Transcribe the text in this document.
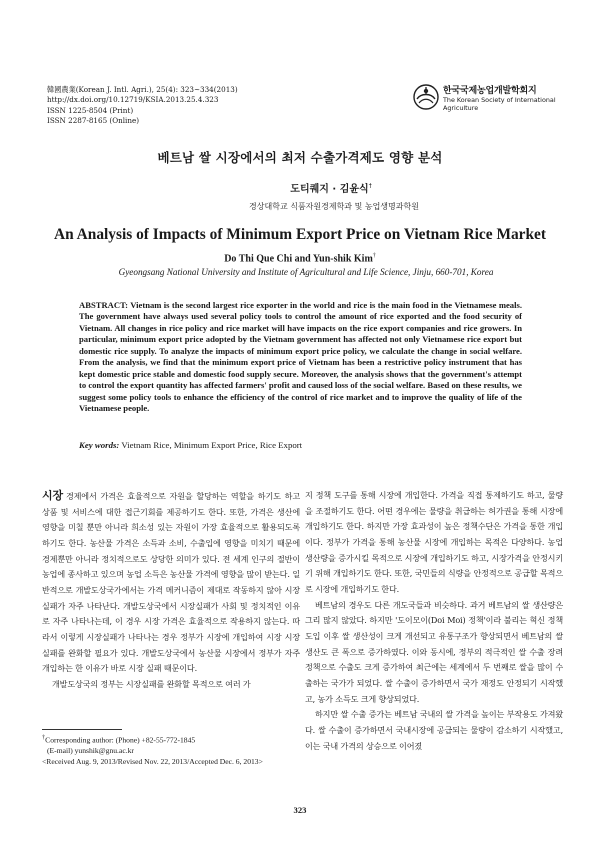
韓國農業(Korean J. Intl. Agri.), 25(4): 323~334(2013)
http://dx.doi.org/10.12719/KSIA.2013.25.4.323
ISSN 1225-8504 (Print)
ISSN 2287-8165 (Online)
한국국제농업개발학회지
The Korean Society of International Agriculture
베트남 쌀 시장에서의 최저 수출가격제도 영향 분석
도티퀘지 · 김윤식†
경상대학교 식품자원경제학과 및 농업생명과학원
An Analysis of Impacts of Minimum Export Price on Vietnam Rice Market
Do Thi Que Chi and Yun-shik Kim†
Gyeongsang National University and Institute of Agricultural and Life Science, Jinju, 660-701, Korea
ABSTRACT: Vietnam is the second largest rice exporter in the world and rice is the main food in the Vietnamese meals. The government have always used several policy tools to control the amount of rice exported and the food security of Vietnam. All changes in rice policy and rice market will have impacts on the rice export companies and rice growers. In particular, minimum export price adopted by the Vietnam government has affected not only Vietnamese rice export but domestic rice supply. To analyze the impacts of minimum export price policy, we calculate the change in social welfare. From the analysis, we find that the minimum export price of Vietnam has been a restrictive policy instrument that has kept domestic price stable and domestic food supply secure. Moreover, the analysis shows that the government's attempt to control the export quantity has affected farmers' profit and caused loss of the social welfare. Based on these results, we suggest some policy tools to enhance the efficiency of the control of rice market and to improve the quality of life of the Vietnamese people.
Key words: Vietnam Rice, Minimum Export Price, Rice Export

시장 경제에서 가격은 효율적으로 자원을 할당하는 역할을 하기도 하고 상품 및 서비스에 대한 접근기회를 제공하기도 한다. 또한, 가격은 생산에 영향을 미칠 뿐만 아니라 희소성 있는 자원이 가장 효율적으로 활용되도록 하기도 한다. 농산물 가격은 소득과 소비, 수출입에 영향을 미치기 때문에 경제뿐만 아니라 정치적으로도 상당한 의미가 있다. 전 세계 인구의 절반이 농업에 종사하고 있으며 농업 소득은 농산물 가격에 영향을 많이 받는다. 일반적으로 개발도상국가에서는 가격 메커니즘이 제대로 작동하지 않아 시장 실패가 자주 나타난다. 개발도상국에서 시장실패가 사회 및 정치적인 이유로 자주 나타나는데, 이 경우 시장 가격은 효율적으로 작용하지 않는다. 따라서 이렇게 시장실패가 나타나는 경우 정부가 시장에 개입하여 시장 시장실패를 완화할 필요가 있다. 개발도상국에서 농산물 시장에서 정부가 자주 개입하는 한 이유가 바로 시장 실패 때문이다.

개발도상국의 정부는 시장실패를 완화할 목적으로 여러 가

지 정책 도구를 통해 시장에 개입한다. 가격을 직접 통제하기도 하고, 물량을 조절하기도 한다. 어떤 경우에는 물량을 취급하는 허가권을 통해 시장에 개입하기도 한다. 하지만 가장 효과성이 높은 정책수단은 가격을 통한 개입이다. 정부가 가격을 통해 농산물 시장에 개입하는 목적은 다양하다. 농업 생산량을 증가시킬 목적으로 시장에 개입하기도 하고, 시장가격을 안정시키기 위해 개입하기도 한다. 또한, 국민들의 식량을 안정적으로 공급할 목적으로 시장에 개입하기도 한다.

베트남의 경우도 다른 개도국들과 비슷하다. 과거 베트남의 쌀 생산량은 그리 많지 않았다. 하지만 '도이모이(Doi Moi) 정책'이라 불리는 혁신 정책 도입 이후 쌀 생산성이 크게 개선되고 유통구조가 향상되면서 베트남의 쌀 생산도 큰 폭으로 증가하였다. 이와 동시에, 정부의 적극적인 쌀 수출 장려정책으로 수출도 크게 증가하여 최근에는 세계에서 두 번째로 쌀을 많이 수출하는 국가가 되었다. 쌀 수출이 증가하면서 국가 재정도 안정되기 시작했고, 농가 소득도 크게 향상되었다.

하지만 쌀 수출 증가는 베트남 국내의 쌀 가격을 높이는 부작용도 가져왔다. 쌀 수출이 증가하면서 국내시장에 공급되는 물량이 감소하기 시작했고, 이는 국내 가격의 상승으로 이어졌

†Corresponding author: (Phone) +82-55-772-1845
(E-mail) yunshik@gnu.ac.kr
<Received Aug. 9, 2013/Revised Nov. 22, 2013/Accepted Dec. 6, 2013>
323
